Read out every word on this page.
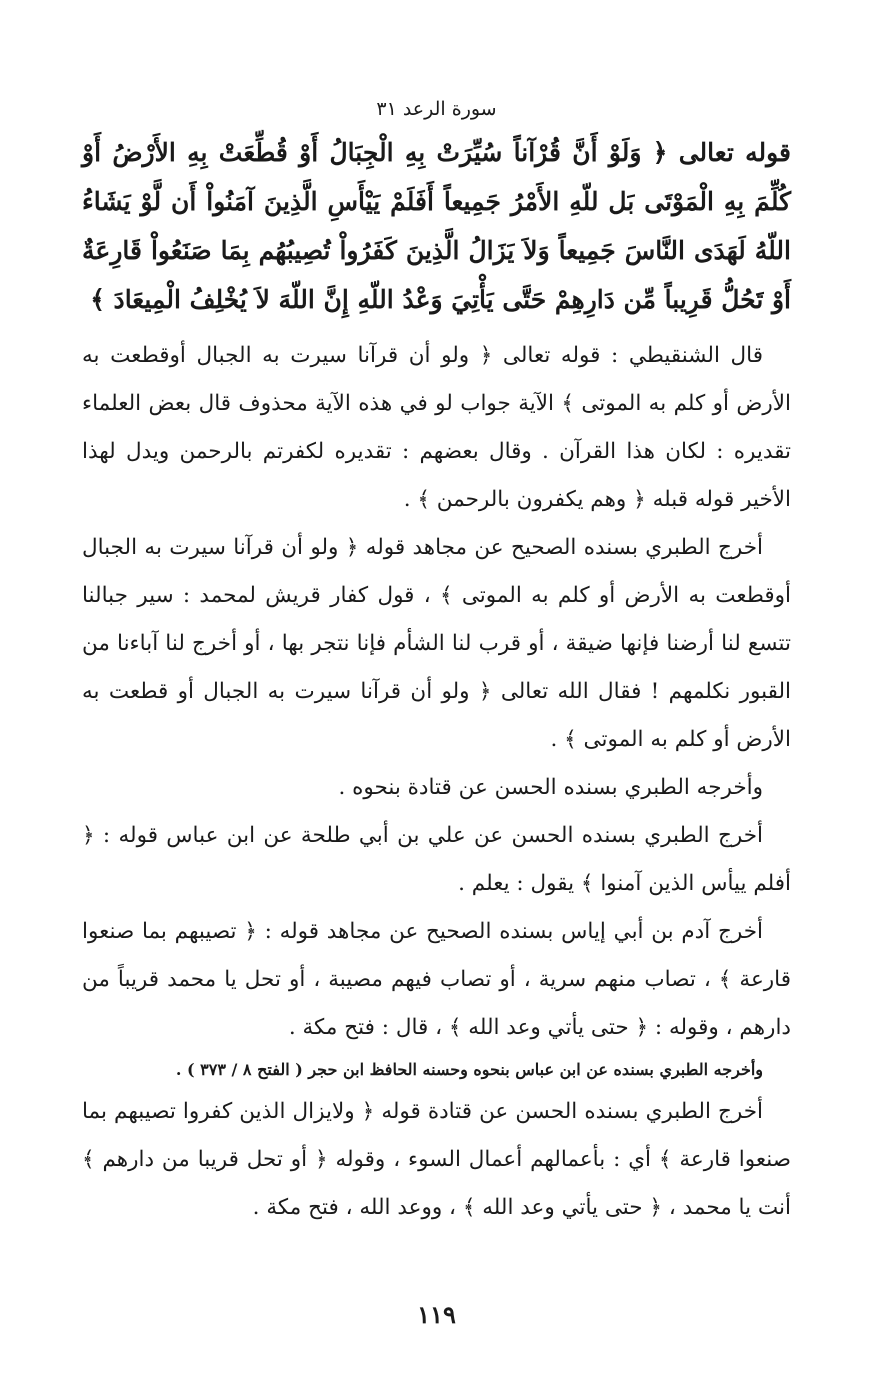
سورة الرعد ٣١

قوله تعالى ﴿ وَلَوْ أَنَّ قُرْآناً سُيِّرَتْ بِهِ الْجِبَالُ أَوْ قُطِّعَتْ بِهِ الأَرْضُ أَوْ كُلِّمَ بِهِ الْمَوْتَى بَل للّهِ الأَمْرُ جَمِيعاً أَفَلَمْ يَيْأَسِ الَّذِينَ آمَنُواْ أَن لَّوْ يَشَاءُ اللّهُ لَهَدَى النَّاسَ جَمِيعاً وَلاَ يَزَالُ الَّذِينَ كَفَرُواْ تُصِيبُهُم بِمَا صَنَعُواْ قَارِعَةٌ أَوْ تَحُلُّ قَرِيباً مِّن دَارِهِمْ حَتَّى يَأْتِيَ وَعْدُ اللّهِ إِنَّ اللّهَ لاَ يُخْلِفُ الْمِيعَادَ ﴾

قال الشنقيطي : قوله تعالى ﴿ ولو أن قرآنا سيرت به الجبال أوقطعت به الأرض أو كلم به الموتى ﴾ الآية جواب لو في هذه الآية محذوف قال بعض العلماء تقديره : لكان هذا القرآن . وقال بعضهم : تقديره لكفرتم بالرحمن ويدل لهذا الأخير قوله قبله ﴿ وهم يكفرون بالرحمن ﴾ .

أخرج الطبري بسنده الصحيح عن مجاهد قوله ﴿ ولو أن قرآنا سيرت به الجبال أوقطعت به الأرض أو كلم به الموتى ﴾ ، قول كفار قريش لمحمد : سير جبالنا تتسع لنا أرضنا فإنها ضيقة ، أو قرب لنا الشأم فإنا نتجر بها ، أو أخرج لنا آباءنا من القبور نكلمهم ! فقال الله تعالى ﴿ ولو أن قرآنا سيرت به الجبال أو قطعت به الأرض أو كلم به الموتى ﴾ .

وأخرجه الطبري بسنده الحسن عن قتادة بنحوه .

أخرج الطبري بسنده الحسن عن علي بن أبي طلحة عن ابن عباس قوله : ﴿ أفلم ييأس الذين آمنوا ﴾ يقول : يعلم .

أخرج آدم بن أبي إياس بسنده الصحيح عن مجاهد قوله : ﴿ تصيبهم بما صنعوا قارعة ﴾ ، تصاب منهم سرية ، أو تصاب فيهم مصيبة ، أو تحل يا محمد قريباً من دارهم ، وقوله : ﴿ حتى يأتي وعد الله ﴾ ، قال : فتح مكة .

وأخرجه الطبري بسنده عن ابن عباس بنحوه وحسنه الحافظ ابن حجر ( الفتح ٨ / ٣٧٣ ) .

أخرج الطبري بسنده الحسن عن قتادة قوله ﴿ ولايزال الذين كفروا تصيبهم بما صنعوا قارعة ﴾ أي : بأعمالهم أعمال السوء ، وقوله ﴿ أو تحل قريبا من دارهم ﴾ أنت يا محمد ، ﴿ حتى يأتي وعد الله ﴾ ، ووعد الله ، فتح مكة .

١١٩
